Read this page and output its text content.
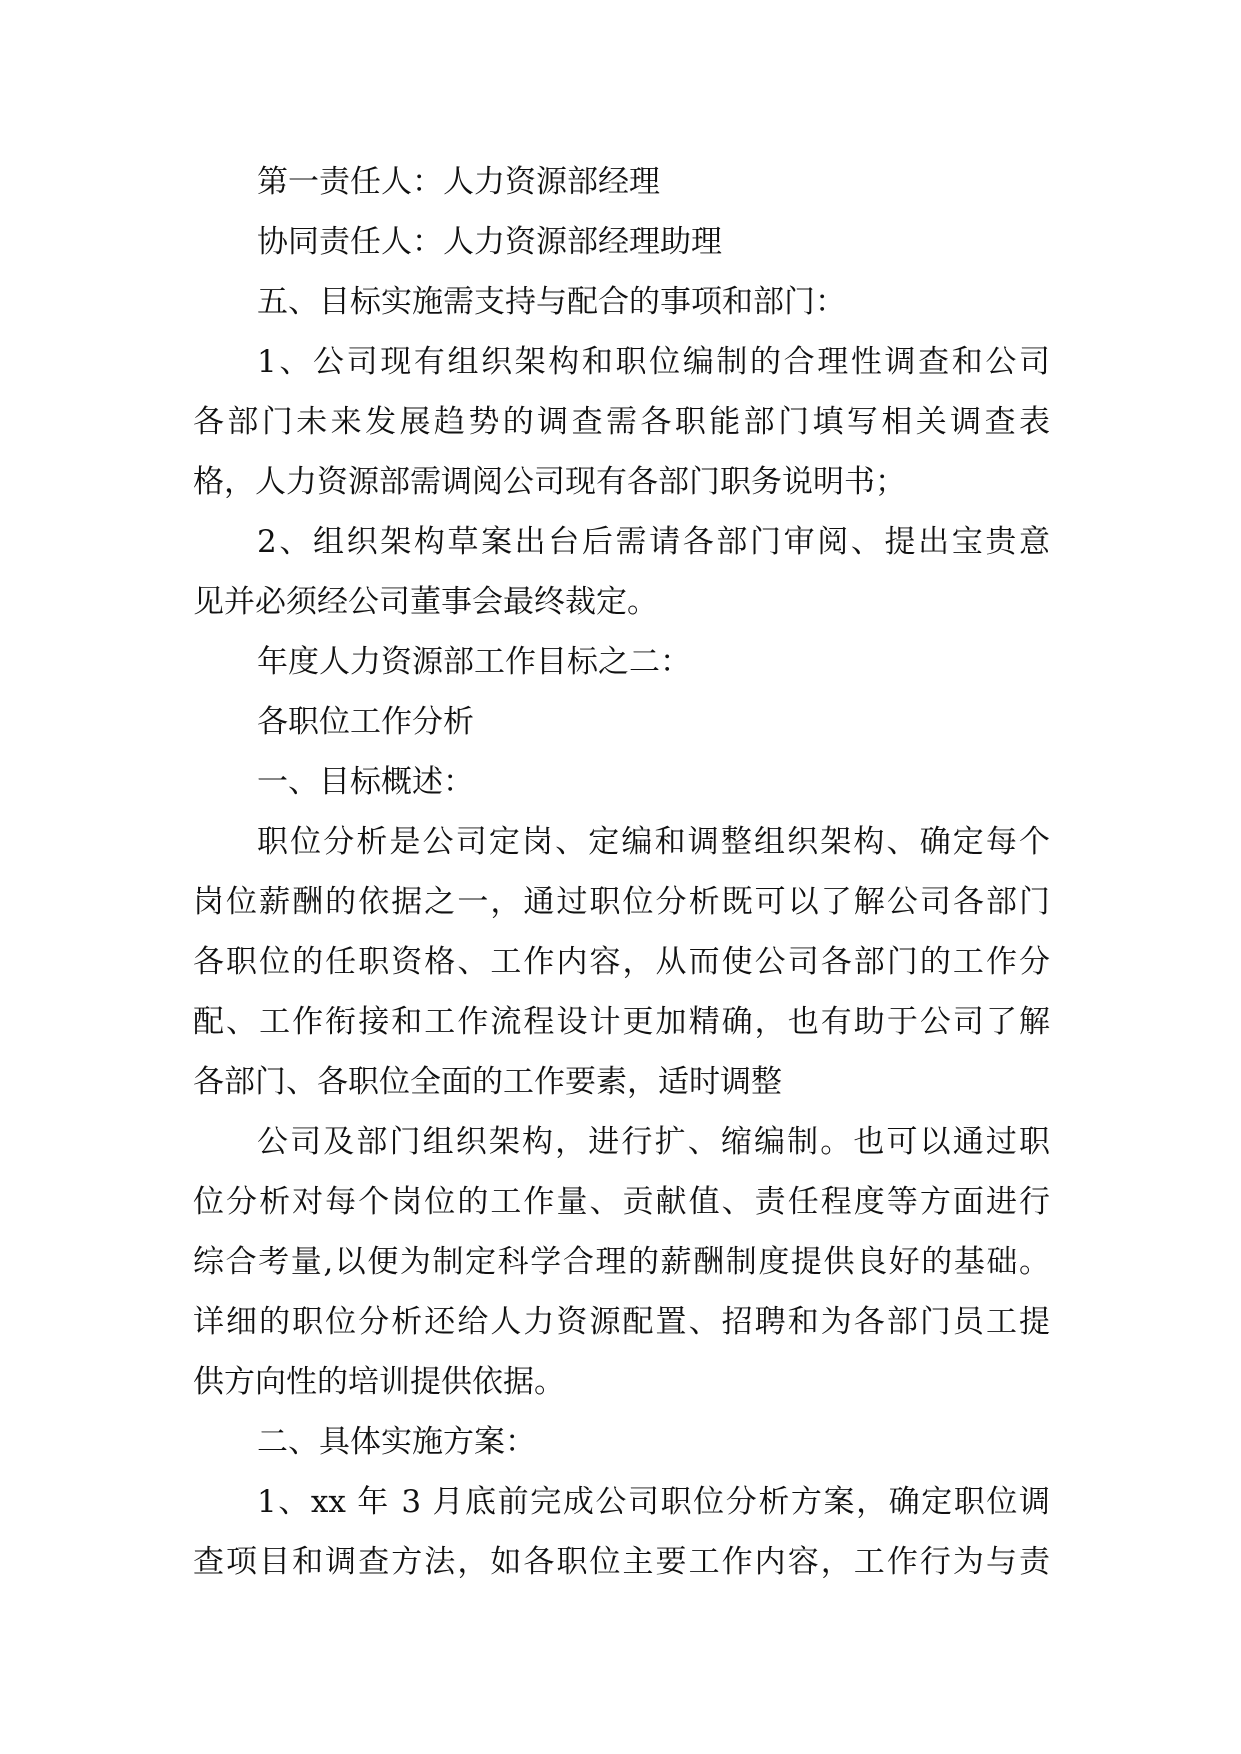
第一责任人：人力资源部经理
协同责任人：人力资源部经理助理
五、目标实施需支持与配合的事项和部门：
1、公司现有组织架构和职位编制的合理性调查和公司
各部门未来发展趋势的调查需各职能部门填写相关调查表
格，人力资源部需调阅公司现有各部门职务说明书；
2、组织架构草案出台后需请各部门审阅、提出宝贵意
见并必须经公司董事会最终裁定。
年度人力资源部工作目标之二：
各职位工作分析
一、目标概述：
职位分析是公司定岗、定编和调整组织架构、确定每个
岗位薪酬的依据之一，通过职位分析既可以了解公司各部门
各职位的任职资格、工作内容，从而使公司各部门的工作分
配、工作衔接和工作流程设计更加精确，也有助于公司了解
各部门、各职位全面的工作要素，适时调整
公司及部门组织架构，进行扩、缩编制。也可以通过职
位分析对每个岗位的工作量、贡献值、责任程度等方面进行
综合考量,以便为制定科学合理的薪酬制度提供良好的基础。
详细的职位分析还给人力资源配置、招聘和为各部门员工提
供方向性的培训提供依据。
二、具体实施方案：
1、xx 年 3 月底前完成公司职位分析方案，确定职位调
查项目和调查方法，如各职位主要工作内容，工作行为与责
